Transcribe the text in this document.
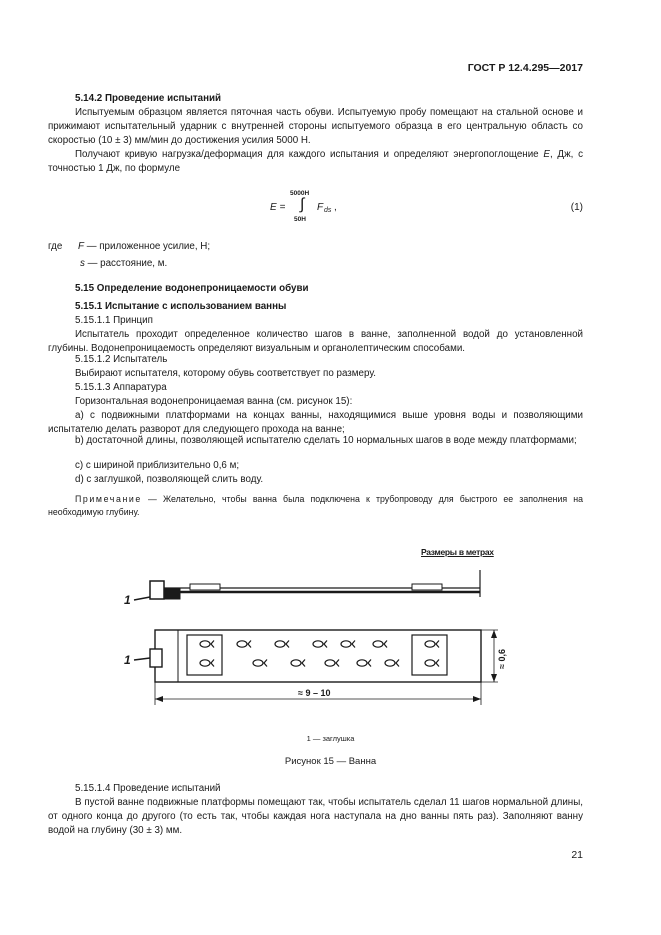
ГОСТ Р 12.4.295—2017
5.14.2 Проведение испытаний
Испытуемым образцом является пяточная часть обуви. Испытуемую пробу помещают на стальной основе и прижимают испытательный ударник с внутренней стороны испытуемого образца в его центральную область со скоростью (10 ± 3) мм/мин до достижения усилия 5000 Н.
Получают кривую нагрузка/деформация для каждого испытания и определяют энергопоглощение E, Дж, с точностью 1 Дж, по формуле
E =
5000Н
∫
50Н
F ds ,	(1)
где F — приложенное усилие, Н;
s — расстояние, м.
5.15 Определение водонепроницаемости обуви
5.15.1 Испытание с использованием ванны
5.15.1.1 Принцип
Испытатель проходит определенное количество шагов в ванне, заполненной водой до установленной глубины. Водонепроницаемость определяют визуальным и органолептическим способами.
5.15.1.2 Испытатель
Выбирают испытателя, которому обувь соответствует по размеру.
5.15.1.3 Аппаратура
Горизонтальная водонепроницаемая ванна (см. рисунок 15):
а) с подвижными платформами на концах ванны, находящимися выше уровня воды и позволяющими испытателю делать разворот для следующего прохода на ванне;
b) достаточной длины, позволяющей испытателю сделать 10 нормальных шагов в воде между платформами;
c) с шириной приблизительно 0,6 м;
d) с заглушкой, позволяющей слить воду.
Примечание — Желательно, чтобы ванна была подключена к трубопроводу для быстрого ее заполнения на необходимую глубину.
Размеры в метрах
1
1
≈ 9 – 10
≈ 0,6
1 — заглушка
Рисунок 15 — Ванна
5.15.1.4 Проведение испытаний
В пустой ванне подвижные платформы помещают так, чтобы испытатель сделал 11 шагов нормальной длины, от одного конца до другого (то есть так, чтобы каждая нога наступала на дно ванны пять раз). Заполняют ванну водой на глубину (30 ± 3) мм.
21
